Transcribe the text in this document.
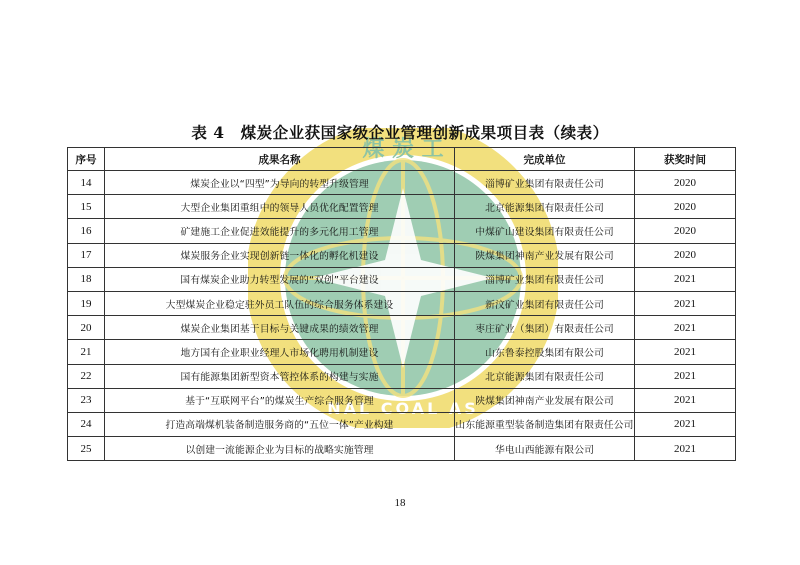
煤 炭 工
NAL COAL AS
表 4　煤炭企业获国家级企业管理创新成果项目表（续表）
序号	成果名称	完成单位	获奖时间
14	煤炭企业以“四型”为导向的转型升级管理	淄博矿业集团有限责任公司	2020
15	大型企业集团重组中的领导人员优化配置管理	北京能源集团有限责任公司	2020
16	矿建施工企业促进效能提升的多元化用工管理	中煤矿山建设集团有限责任公司	2020
17	煤炭服务企业实现创新链一体化的孵化机建设	陕煤集团神南产业发展有限公司	2020
18	国有煤炭企业助力转型发展的“双创”平台建设	淄博矿业集团有限责任公司	2021
19	大型煤炭企业稳定驻外员工队伍的综合服务体系建设	新汶矿业集团有限责任公司	2021
20	煤炭企业集团基于目标与关键成果的绩效管理	枣庄矿业（集团）有限责任公司	2021
21	地方国有企业职业经理人市场化聘用机制建设	山东鲁泰控股集团有限公司	2021
22	国有能源集团新型资本管控体系的构建与实施	北京能源集团有限责任公司	2021
23	基于“互联网平台”的煤炭生产综合服务管理	陕煤集团神南产业发展有限公司	2021
24	打造高端煤机装备制造服务商的“五位一体”产业构建	山东能源重型装备制造集团有限责任公司	2021
25	以创建一流能源企业为目标的战略实施管理	华电山西能源有限公司	2021
18
